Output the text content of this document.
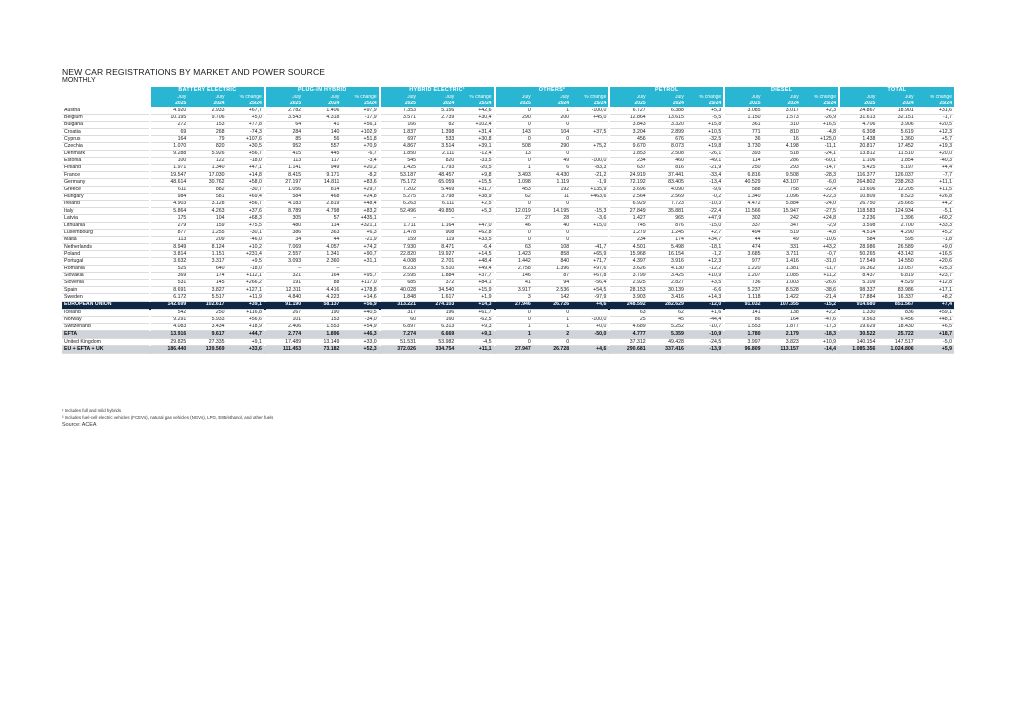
NEW CAR REGISTRATIONS BY MARKET AND POWER SOURCE
MONTHLY
	BATTERY ELECTRIC			PLUG-IN HYBRID			HYBRID ELECTRIC¹			OTHERS²			PETROL			DIESEL			TOTAL		
	July	July	% change	July	July	% change	July	July	% change	July	July	% change	July	July	% change	July	July	% change	July	July	% change
	2025	2024	25/24	2025	2024	25/24	2025	2024	25/24	2025	2024	25/24	2025	2024	25/24	2025	2024	25/24	2025	2024	25/24
Austria	4.920	2.933	+67,7	2.782	1.406	+97,9	7.353	5.156	+42,6	0	1	-100,0	6.727	6.388	+5,3	3.085	3.017	+2,3	24.867	18.901	+31,6
Belgium	10.195	9.706	+5,0	3.543	4.318	-17,9	3.571	2.739	+30,4	290	200	+45,0	12.864	13.615	-5,5	1.150	1.573	-26,9	31.613	32.151	-1,7
Bulgaria	272	153	+77,8	64	41	+56,1	166	82	+102,4	0	0		3.843	3.320	+15,8	361	310	+16,5	4.706	3.906	+20,5
Croatia	69	268	-74,3	284	140	+102,9	1.837	1.398	+31,4	143	104	+37,5	3.204	2.899	+10,5	771	810	-4,8	6.308	5.619	+12,3
Cyprus	164	79	+107,6	85	56	+51,8	697	533	+30,8	0	0		456	676	-32,5	36	16	+125,0	1.438	1.360	+5,7
Czechia	1.070	820	+30,5	952	557	+70,9	4.867	3.514	+39,1	508	290	+75,2	9.670	8.073	+19,8	3.730	4.198	-11,1	20.817	17.452	+19,3
Denmark	9.288	5.926	+56,7	415	445	-6,7	1.850	2.111	-12,4	13	0		1.853	2.508	-26,1	393	518	-24,1	13.812	11.510	+20,0
Estonia	100	122	-18,0	113	117	-3,4	545	820	-33,5	0	49	-100,0	234	460	-49,1	114	286	-60,1	1.106	1.854	-40,3
Finland	1.971	1.340	+47,1	1.141	949	+20,2	1.425	1.793	-20,5	1	6	-83,3	637	816	-21,9	250	293	-14,7	5.425	5.197	+4,4
France	19.547	17.030	+14,8	8.415	9.171	-8,2	53.187	48.457	+9,8	3.493	4.430	-21,2	24.919	37.441	-33,4	6.816	9.508	-28,3	116.377	126.037	-7,7
Germany	48.614	30.762	+58,0	27.197	14.811	+83,6	75.172	65.059	+15,5	1.098	1.119	-1,9	72.192	83.405	-13,4	40.529	43.107	-6,0	264.802	238.263	+11,1
Greece	611	882	-30,7	1.056	814	+29,7	7.202	5.469	+31,7	453	192	+135,9	3.696	4.090	-9,6	588	758	-22,4	13.606	12.205	+11,5
Hungary	984	581	+69,4	584	468	+24,8	5.275	3.798	+38,9	62	11	+463,6	2.564	2.569	-0,2	1.340	1.096	+22,3	10.809	8.523	+26,8
Ireland	4.903	3.128	+56,7	4.183	2.819	+48,4	6.263	6.111	+2,5	0	0		6.929	7.723	-10,3	4.472	5.884	-24,0	26.750	25.665	+4,2
Italy	5.864	4.263	+37,6	8.789	4.798	+83,2	52.496	49.850	+5,3	12.019	14.195	-15,3	27.849	35.881	-22,4	11.566	15.947	-27,5	118.583	124.934	-5,1
Latvia	175	104	+68,3	305	57	+435,1	–	–		27	28	-3,6	1.427	965	+47,9	302	242	+24,8	2.236	1.396	+60,2
Lithuania	279	159	+75,5	480	114	+321,1	1.711	1.164	+47,0	46	40	+15,0	745	876	-15,0	337	347	-2,9	3.598	2.700	+33,3
Luxembourg	877	1.255	-30,1	386	363	+6,3	1.478	908	+62,8	0	0		1.279	1.245	+2,7	494	519	-4,8	4.514	4.290	+5,2
Malta	113	209	-46,0	34	44	-21,9	159	119	+33,5	0	0		234	174	+34,7	44	49	-10,6	584	595	-1,8
Netherlands	8.949	8.124	+10,2	7.069	4.057	+74,2	7.930	8.471	-6,4	63	108	-41,7	4.501	5.498	-18,1	474	331	+43,2	28.986	26.589	+9,0
Poland	3.814	1.151	+231,4	2.557	1.341	+90,7	22.820	19.927	+14,5	1.423	858	+65,9	15.968	16.154	-1,2	3.685	3.711	-0,7	50.265	43.142	+16,5
Portugal	3.632	3.317	+9,5	3.093	2.360	+31,1	4.008	2.701	+48,4	1.442	840	+71,7	4.397	3.916	+12,3	977	1.416	-31,0	17.549	14.550	+20,6
Romania	525	640	-18,0	–	–		8.233	5.510	+49,4	2.758	1.396	+97,6	3.626	4.130	-12,2	1.220	1.381	-11,7	16.362	13.057	+25,3
Slovakia	369	174	+112,1	321	164	+95,7	2.595	1.884	+37,7	146	87	+67,8	3.799	3.425	+10,9	1.207	1.085	+11,2	8.437	6.819	+23,7
Slovenia	531	145	+266,2	191	88	+117,0	685	372	+84,1	41	94	-56,4	2.925	2.827	+3,5	736	1.003	-26,6	5.109	4.529	+12,8
Spain	8.691	3.827	+127,1	12.311	4.416	+178,8	40.028	34.540	+15,9	3.917	2.536	+54,5	28.153	30.139	-6,6	5.237	8.528	-38,6	98.337	83.986	+17,1
Sweden	6.172	5.517	+11,9	4.840	4.223	+14,6	1.848	1.617	+1,9	3	142	-97,9	3.903	3.416	+14,3	1.118	1.422	-21,4	17.884	16.337	+8,2
EUROPEAN UNION	142.699	102.617	+39,1	91.190	58.137	+56,9	313.221	274.103	+14,3	27.946	26.726	+4,6	248.592	282.629	-12,0	91.032	107.355	-15,2	914.680	851.567	+7,4
Iceland	542	250	+116,8	267	190	+40,5	317	196	+61,7	0	0		63	62	+1,6	141	138	+2,2	1.330	836	+59,1
Norway	9.291	5.933	+56,6	101	153	-34,0	60	160	-62,5	0	1	-100,0	25	45	-44,4	86	164	-47,6	9.563	6.456	+48,1
Switzerland	4.083	3.434	+18,9	2.406	1.553	+54,9	6.897	6.313	+9,3	1	1	+0,0	4.689	5.252	-10,7	1.553	1.877	-17,3	19.629	18.430	+6,5
EFTA	13.916	9.617	+44,7	2.774	1.896	+46,3	7.274	6.669	+9,1	1	2	-50,0	4.777	5.359	-10,9	1.780	2.179	-18,3	30.522	25.722	+18,7
United Kingdom	29.825	27.335	+9,1	17.489	13.149	+33,0	51.531	53.982	-4,5	0	0		37.312	49.428	-24,5	3.997	3.823	+10,9	140.154	147.517	-5,0
EU + EFTA + UK	186.440	139.569	+33,6	111.453	73.182	+52,3	372.026	334.754	+11,1	27.947	26.728	+4,6	290.681	337.416	-13,9	96.809	113.157	-14,4	1.085.356	1.024.806	+5,9
¹ Includes full and mild hybrids
² Includes fuel-cell electric vehicles (FCEVs), natural gas vehicles (NGVs), LPG, E85/ethanol, and other fuels
Source: ACEA
